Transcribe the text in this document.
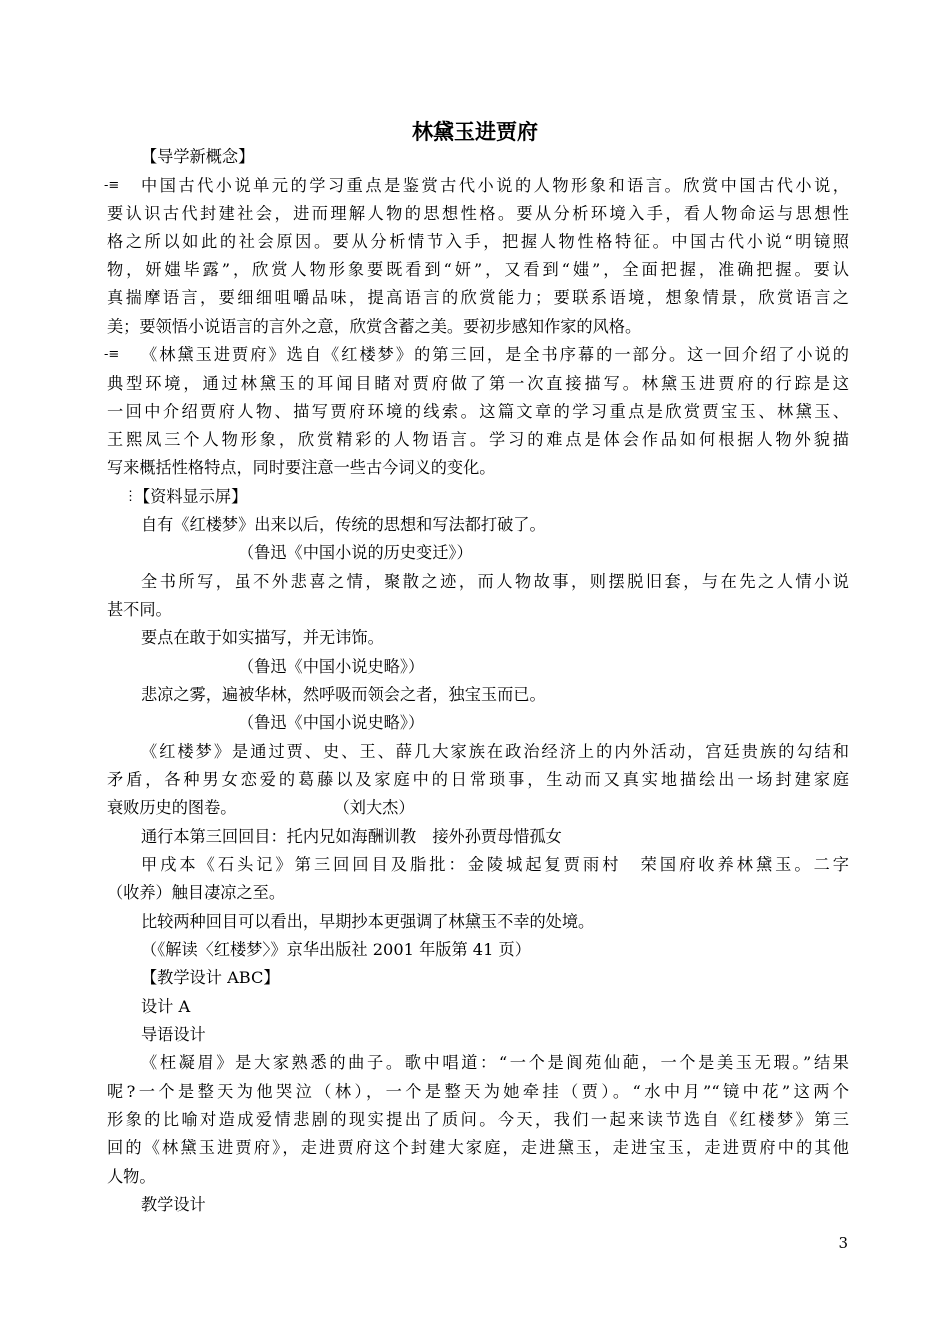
林黛玉进贾府
-≡
-≡
⋮
【导学新概念】
中国古代小说单元的学习重点是鉴赏古代小说的人物形象和语言。欣赏中国古代小说，
要认识古代封建社会，进而理解人物的思想性格。要从分析环境入手，看人物命运与思想性
格之所以如此的社会原因。要从分析情节入手，把握人物性格特征。中国古代小说“明镜照
物，妍媸毕露”，欣赏人物形象要既看到“妍”，又看到“媸”，全面把握，准确把握。要认
真揣摩语言，要细细咀嚼品味，提高语言的欣赏能力；要联系语境，想象情景，欣赏语言之
美；要领悟小说语言的言外之意，欣赏含蓄之美。要初步感知作家的风格。
《林黛玉进贾府》选自《红楼梦》的第三回，是全书序幕的一部分。这一回介绍了小说的
典型环境，通过林黛玉的耳闻目睹对贾府做了第一次直接描写。林黛玉进贾府的行踪是这
一回中介绍贾府人物、描写贾府环境的线索。这篇文章的学习重点是欣赏贾宝玉、林黛玉、
王熙凤三个人物形象，欣赏精彩的人物语言。学习的难点是体会作品如何根据人物外貌描
写来概括性格特点，同时要注意一些古今词义的变化。
【资料显示屏】
自有《红楼梦》出来以后，传统的思想和写法都打破了。
（鲁迅《中国小说的历史变迁》）
全书所写，虽不外悲喜之情，聚散之迹，而人物故事，则摆脱旧套，与在先之人情小说
甚不同。
要点在敢于如实描写，并无讳饰。
（鲁迅《中国小说史略》）
悲凉之雾，遍被华林，然呼吸而领会之者，独宝玉而已。
（鲁迅《中国小说史略》）
《红楼梦》是通过贾、史、王、薛几大家族在政治经济上的内外活动，宫廷贵族的勾结和
矛盾，各种男女恋爱的葛藤以及家庭中的日常琐事，生动而又真实地描绘出一场封建家庭
衰败历史的图卷。　　　　　　　（刘大杰）
通行本第三回回目：托内兄如海酬训教　接外孙贾母惜孤女
甲戌本《石头记》第三回回目及脂批：金陵城起复贾雨村　荣国府收养林黛玉。二字
（收养）触目凄凉之至。
比较两种回目可以看出，早期抄本更强调了林黛玉不幸的处境。
（《解读〈红楼梦〉》京华出版社 2001 年版第 41 页）
【教学设计 ABC】
设计 A
导语设计
《枉凝眉》是大家熟悉的曲子。歌中唱道：“一个是阆苑仙葩，一个是美玉无瑕。”结果
呢?一个是整天为他哭泣（林），一个是整天为她牵挂（贾）。“水中月”“镜中花”这两个
形象的比喻对造成爱情悲剧的现实提出了质问。今天，我们一起来读节选自《红楼梦》第三
回的《林黛玉进贾府》，走进贾府这个封建大家庭，走进黛玉，走进宝玉，走进贾府中的其他
人物。
教学设计
3
